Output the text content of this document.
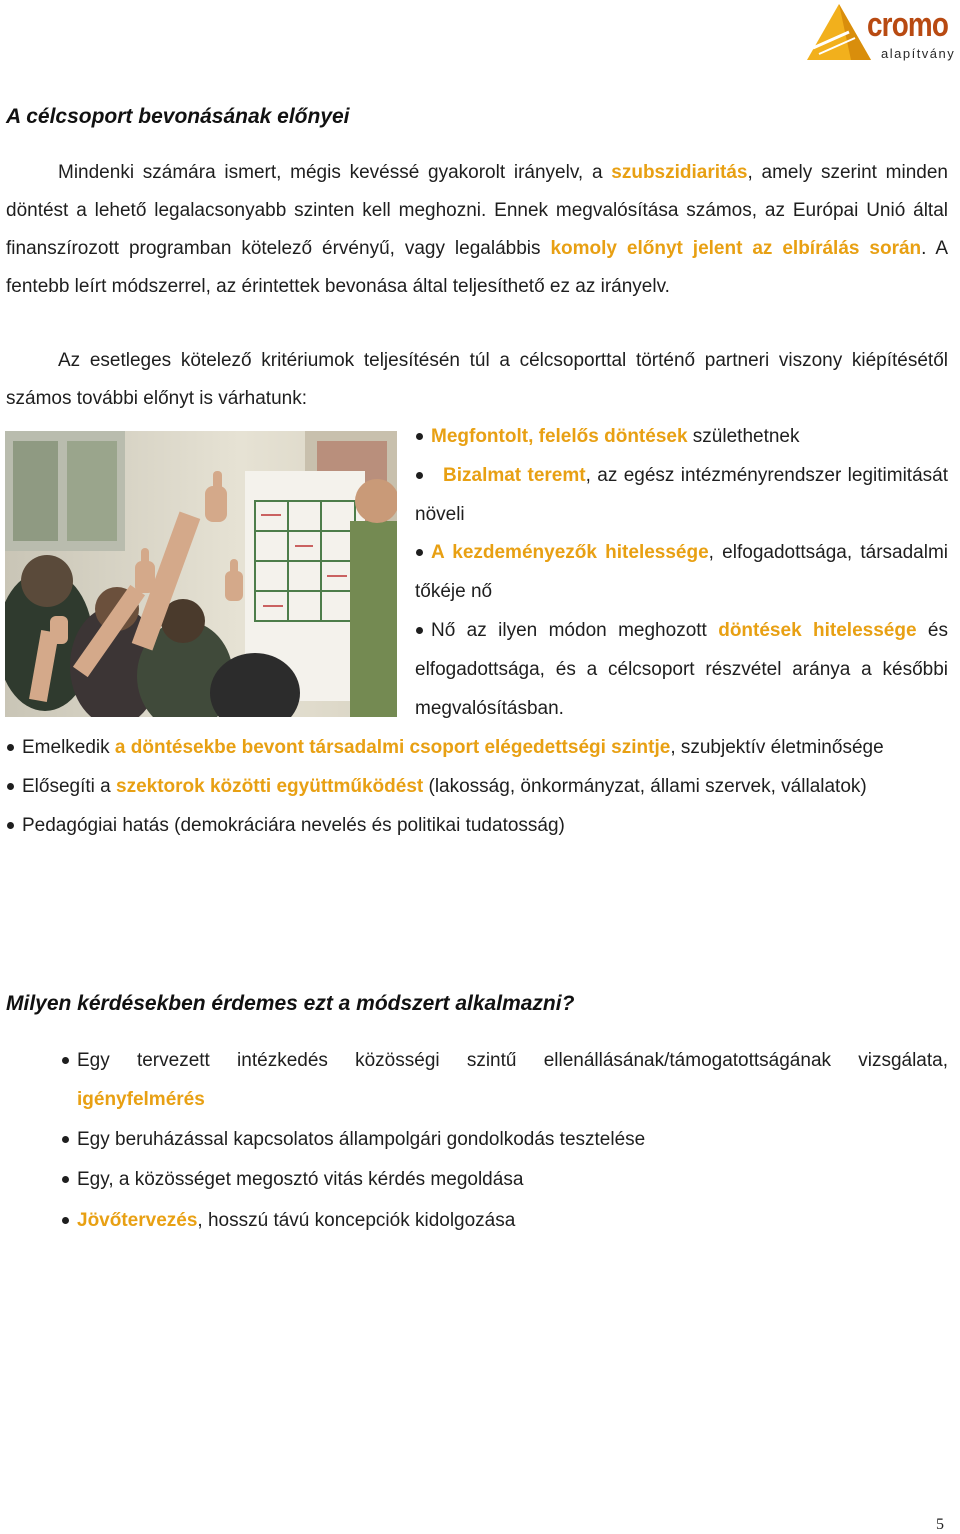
cromo
alapítvány
A célcsoport bevonásának előnyei

Mindenki számára ismert, mégis kevéssé gyakorolt irányelv, a szubszidiaritás, amely szerint minden döntést a lehető legalacsonyabb szinten kell meghozni. Ennek megvalósítása számos, az Európai Unió által finanszírozott programban kötelező érvényű, vagy legalábbis komoly előnyt jelent az elbírálás során. A fentebb leírt módszerrel, az érintettek bevonása által teljesíthető ez az irányelv.

Az esetleges kötelező kritériumok teljesítésén túl a célcsoporttal történő partneri viszony kiépítésétől számos további előnyt is várhatunk:

Megfontolt, felelős döntések születhetnek
Bizalmat teremt, az egész intézményrendszer legitimitását növeli
A kezdeményezők hitelessége, elfogadottsága, társadalmi tőkéje nő
Nő az ilyen módon meghozott döntések hitelessége és elfogadottsága, és a célcsoport részvétel aránya a későbbi megvalósításban.
Emelkedik a döntésekbe bevont társadalmi csoport elégedettségi szintje, szubjektív életminősége
Elősegíti a szektorok közötti együttműködést (lakosság, önkormányzat, állami szervek, vállalatok)
Pedagógiai hatás (demokráciára nevelés és politikai tudatosság)
Milyen kérdésekben érdemes ezt a módszert alkalmazni?
Egy tervezett intézkedés közösségi szintű ellenállásának/támogatottságának vizsgálata, igényfelmérés
Egy beruházással kapcsolatos állampolgári gondolkodás tesztelése
Egy, a közösséget megosztó vitás kérdés megoldása
Jövőtervezés, hosszú távú koncepciók kidolgozása
5
